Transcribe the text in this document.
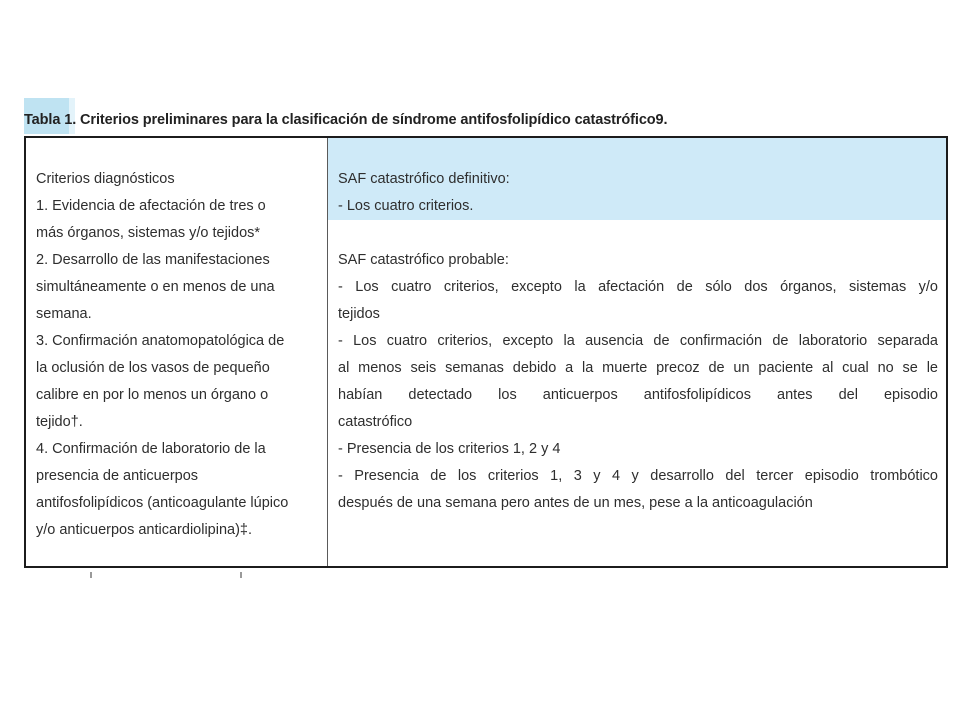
Tabla 1. Criterios preliminares para la clasificación de síndrome antifosfolipídico catastrófico9.
Criterios diagnósticos
1. Evidencia de afectación de tres o
más órganos, sistemas y/o tejidos*
2. Desarrollo de las manifestaciones
simultáneamente o en menos de una
semana.
3. Confirmación anatomopatológica de
la oclusión de los vasos de pequeño
calibre en por lo menos un órgano o
tejido†.
4. Confirmación de laboratorio de la
presencia de anticuerpos
antifosfolipídicos (anticoagulante lúpico
y/o anticuerpos anticardiolipina)‡.
SAF catastrófico definitivo:
- Los cuatro criterios.
SAF catastrófico probable:
- Los cuatro criterios, excepto la afectación de sólo dos órganos, sistemas y/o
tejidos
- Los cuatro criterios, excepto la ausencia de confirmación de laboratorio separada
al menos seis semanas debido a la muerte precoz de un paciente al cual no se le
habían detectado los anticuerpos antifosfolipídicos antes del episodio
catastrófico
- Presencia de los criterios 1, 2 y 4
- Presencia de los criterios 1, 3 y 4 y desarrollo del tercer episodio trombótico
después de una semana pero antes de un mes, pese a la anticoagulación
